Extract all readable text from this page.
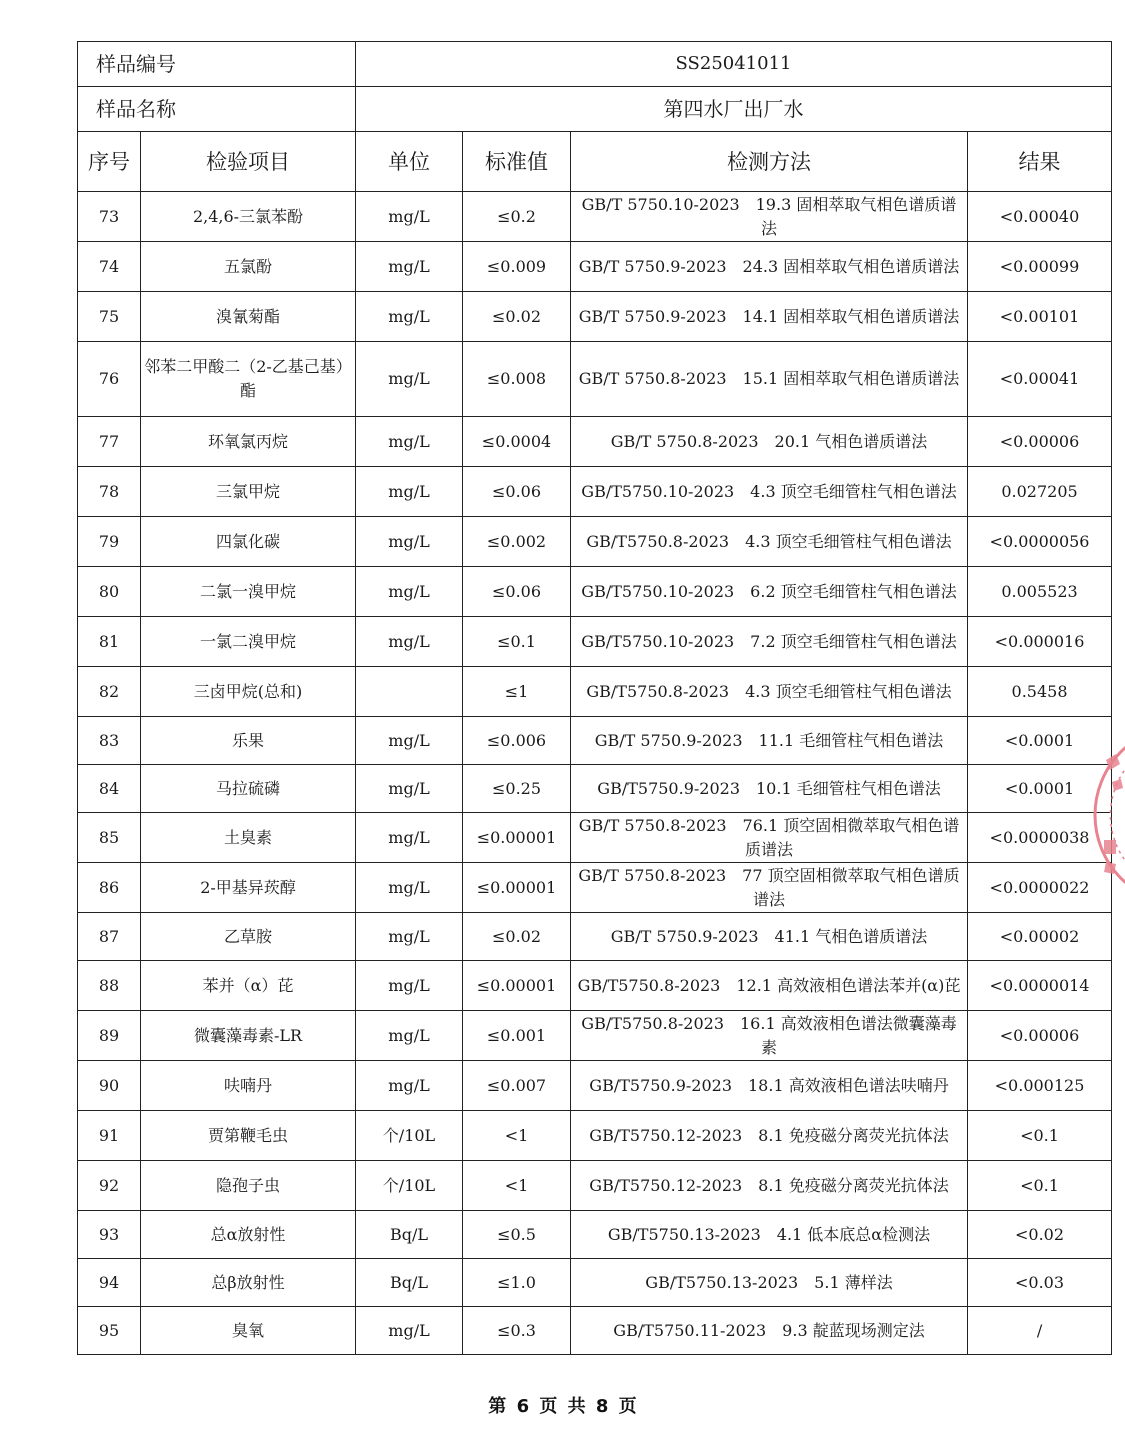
样品编号		SS25041011			
样品名称		第四水厂出厂水			
序号	检验项目	单位	标准值	检测方法	结果
73	2,4,6-三氯苯酚	mg/L	≤0.2	GB/T 5750.10-2023　19.3 固相萃取气相色谱质谱法	<0.00040
74	五氯酚	mg/L	≤0.009	GB/T 5750.9-2023　24.3 固相萃取气相色谱质谱法	<0.00099
75	溴氰菊酯	mg/L	≤0.02	GB/T 5750.9-2023　14.1 固相萃取气相色谱质谱法	<0.00101
76	邻苯二甲酸二（2-乙基己基）酯	mg/L	≤0.008	GB/T 5750.8-2023　15.1 固相萃取气相色谱质谱法	<0.00041
77	环氧氯丙烷	mg/L	≤0.0004	GB/T 5750.8-2023　20.1 气相色谱质谱法	<0.00006
78	三氯甲烷	mg/L	≤0.06	GB/T5750.10-2023　4.3 顶空毛细管柱气相色谱法	0.027205
79	四氯化碳	mg/L	≤0.002	GB/T5750.8-2023　4.3 顶空毛细管柱气相色谱法	<0.0000056
80	二氯一溴甲烷	mg/L	≤0.06	GB/T5750.10-2023　6.2 顶空毛细管柱气相色谱法	0.005523
81	一氯二溴甲烷	mg/L	≤0.1	GB/T5750.10-2023　7.2 顶空毛细管柱气相色谱法	<0.000016
82	三卤甲烷(总和)		≤1	GB/T5750.8-2023　4.3 顶空毛细管柱气相色谱法	0.5458
83	乐果	mg/L	≤0.006	GB/T 5750.9-2023　11.1 毛细管柱气相色谱法	<0.0001
84	马拉硫磷	mg/L	≤0.25	GB/T5750.9-2023　10.1 毛细管柱气相色谱法	<0.0001
85	土臭素	mg/L	≤0.00001	GB/T 5750.8-2023　76.1 顶空固相微萃取气相色谱质谱法	<0.0000038
86	2-甲基异莰醇	mg/L	≤0.00001	GB/T 5750.8-2023　77 顶空固相微萃取气相色谱质谱法	<0.0000022
87	乙草胺	mg/L	≤0.02	GB/T 5750.9-2023　41.1 气相色谱质谱法	<0.00002
88	苯并（α）芘	mg/L	≤0.00001	GB/T5750.8-2023　12.1 高效液相色谱法苯并(α)芘	<0.0000014
89	微囊藻毒素-LR	mg/L	≤0.001	GB/T5750.8-2023　16.1 高效液相色谱法微囊藻毒素	<0.00006
90	呋喃丹	mg/L	≤0.007	GB/T5750.9-2023　18.1 高效液相色谱法呋喃丹	<0.000125
91	贾第鞭毛虫	个/10L	<1	GB/T5750.12-2023　8.1 免疫磁分离荧光抗体法	<0.1
92	隐孢子虫	个/10L	<1	GB/T5750.12-2023　8.1 免疫磁分离荧光抗体法	<0.1
93	总α放射性	Bq/L	≤0.5	GB/T5750.13-2023　4.1 低本底总α检测法	<0.02
94	总β放射性	Bq/L	≤1.0	GB/T5750.13-2023　5.1 薄样法	<0.03
95	臭氧	mg/L	≤0.3	GB/T5750.11-2023　9.3 靛蓝现场测定法	/
第 6 页 共 8 页
